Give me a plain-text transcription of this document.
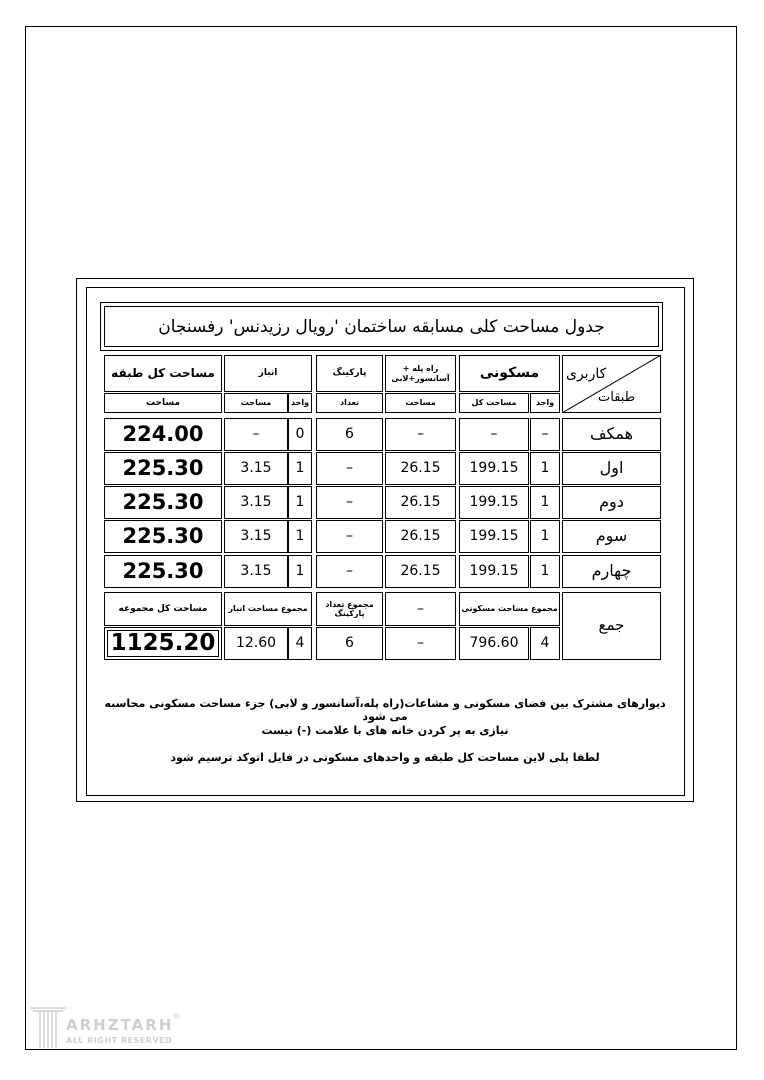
جدول مساحت کلی مسابقه ساختمان 'رویال رزیدنس' رفسنجان
کاربری
طبقات
مسکونی
راه پله + آسانسور+لابی
پارکینگ
انبار
مساحت کل طبقه
واحد
مساحت کل
مساحت
تعداد
واحد
مساحت
مساحت
همکف
–
–
–
6
0
–
224.00
اول
1
199.15
26.15
–
1
3.15
225.30
دوم
1
199.15
26.15
–
1
3.15
225.30
سوم
1
199.15
26.15
–
1
3.15
225.30
چهارم
1
199.15
26.15
–
1
3.15
225.30
جمع
مجموع مساحت مسکونی
4
796.60
–
–
مجموع تعداد پارکینگ
6
مجموع مساحت انبار
4
12.60
مساحت کل مجموعه
1125.20
دیوارهای مشترک بین فضای مسکونی و مشاعات(راه پله،آسانسور و لابی) جزء مساحت مسکونی محاسبه می شود
نیازی به پر کردن خانه های با علامت (-) نیست
لطفا پلی لاین مساحت کل طبقه و واحدهای مسکونی در فایل اتوکد ترسیم شود
ARHZTARH
ALL RIGHT RESERVED
®
